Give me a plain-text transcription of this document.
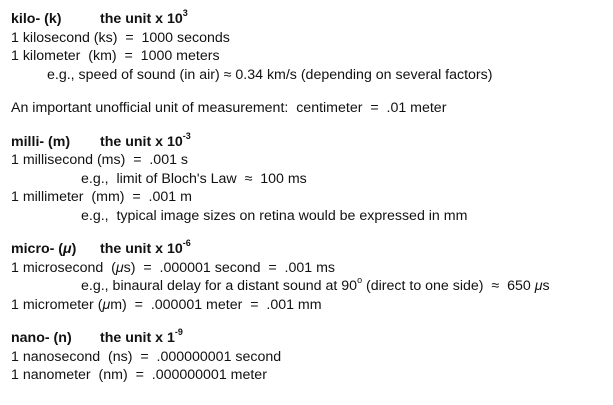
kilo- (k)	the unit x $10^3$
1 kilosecond (ks)  =  1000 seconds
1 kilometer  (km)  =  1000 meters
e.g., speed of sound (in air) ≈ 0.34 km/s (depending on several factors)
An important unofficial unit of measurement:  centimeter  =  .01 meter
milli- (m) the unit x $10^{-3}$
1 millisecond (ms)  =  .001 s
e.g.,  limit of Bloch's Law  ≈  100 ms
1 millimeter  (mm)  =  .001 m
e.g.,  typical image sizes on retina would be expressed in mm
micro- (μ) the unit x $10^{-6}$
1 microsecond  (μs)  =  .000001 second  =  .001 ms
e.g., binaural delay for a distant sound at 90$^o$ (direct to one side)  ≈  650 μs
1 micrometer (μm)  =  .000001 meter  =  .001 mm
nano- (n) the unit x $1^{-9}$
1 nanosecond  (ns)  =  .000000001 second
1 nanometer  (nm)  =  .000000001 meter
